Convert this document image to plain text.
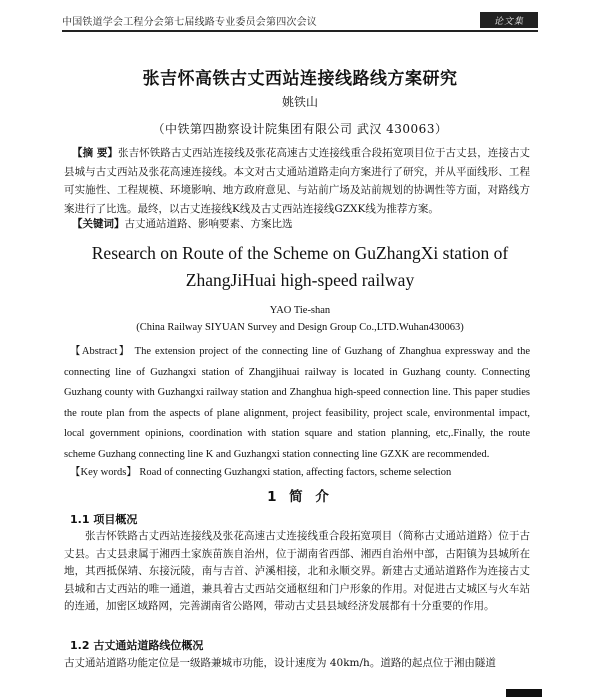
中国铁道学会工程分会第七届线路专业委员会第四次会议	论文集
张吉怀高铁古丈西站连接线路线方案研究
姚铁山
（中铁第四勘察设计院集团有限公司 武汉 430063）
【摘 要】张吉怀铁路古丈西站连接线及张花高速古丈连接线重合段拓宽项目位于古丈县，连接古丈县城与古丈西站及张花高速连接线。本文对古丈通站道路走向方案进行了研究，并从平面线形、工程可实施性、工程规模、环境影响、地方政府意见、与站前广场及站前规划的协调性等方面，对路线方案进行了比选。最终，以古丈连接线K线及古丈西站连接线GZXK线为推荐方案。
【关键词】古丈通站道路、影响要素、方案比选
Research on Route of the Scheme on GuZhangXi station of
ZhangJiHuai high-speed railway
YAO Tie-shan
(China Railway SIYUAN Survey and Design Group Co.,LTD.Wuhan430063)
【Abstract】 The extension project of the connecting line of Guzhang of Zhanghua expressway and the connecting line of Guzhangxi station of Zhangjihuai railway is located in Guzhang county. Connecting Guzhang county with Guzhangxi railway station and Zhanghua high-speed connection line. This paper studies the route plan from the aspects of plane alignment, project feasibility, project scale, environmental impact, local government opinions, coordination with station square and station planning, etc,.Finally, the route scheme Guzhang connecting line K and Guzhangxi station connecting line GZXK are recommended.
【Key words】 Road of connecting Guzhangxi station, affecting factors, scheme selection
1 简 介
1.1 项目概况
张吉怀铁路古丈西站连接线及张花高速古丈连接线重合段拓宽项目（简称古丈通站道路）位于古丈县。古丈县隶属于湘西土家族苗族自治州，位于湖南省西部、湘西自治州中部，古阳镇为县城所在地，其西抵保靖、东接沅陵，南与吉首、泸溪相接，北和永顺交界。新建古丈通站道路作为连接古丈县城和古丈西站的唯一通道，兼具着古丈西站交通枢纽和门户形象的作用。对促进古丈城区与火车站的连通，加密区域路网，完善湖南省公路网，带动古丈县县域经济发展都有十分重要的作用。
1.2 古丈通站道路线位概况
古丈通站道路功能定位是一级路兼城市功能，设计速度为 40km/h。道路的起点位于湘由隧道
